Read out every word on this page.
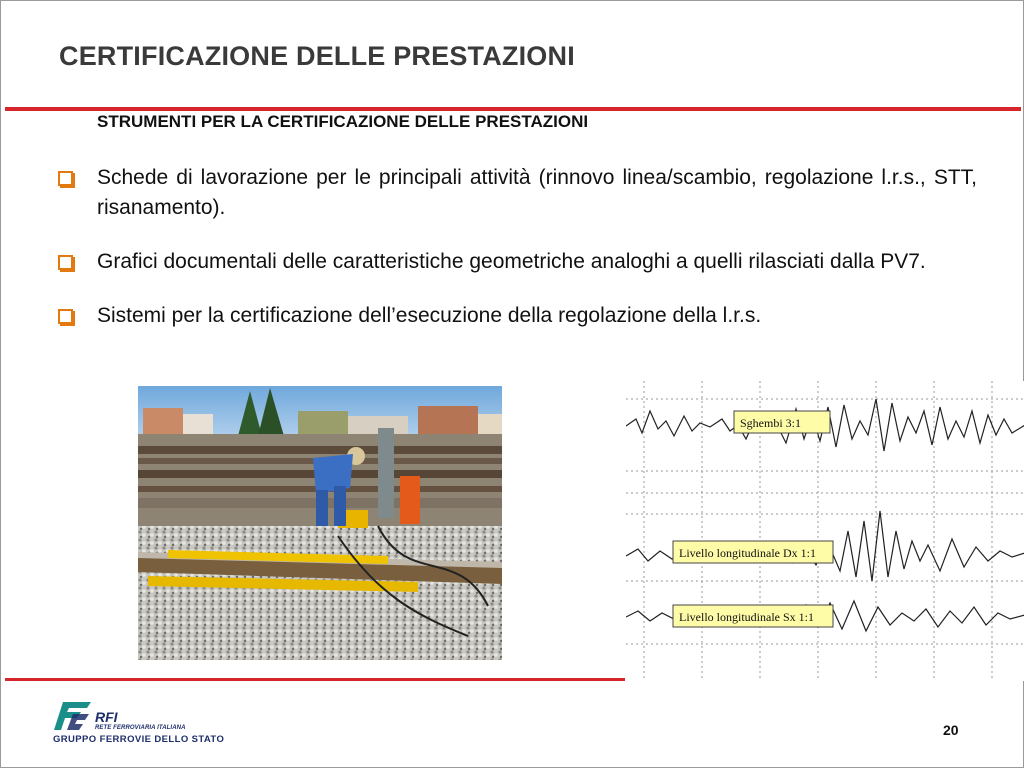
CERTIFICAZIONE DELLE PRESTAZIONI
STRUMENTI PER LA CERTIFICAZIONE DELLE PRESTAZIONI
Schede di lavorazione per le principali attività (rinnovo linea/scambio, regolazione l.r.s., STT, risanamento).
Grafici documentali delle caratteristiche geometriche analoghi a quelli rilasciati dalla PV7.
Sistemi per la certificazione dell’esecuzione della regolazione della l.r.s.
Sghembi 3:1
Livello longitudinale Dx 1:1
Livello longitudinale Sx 1:1
RFI
RETE FERROVIARIA ITALIANA
GRUPPO FERROVIE DELLO STATO
20
